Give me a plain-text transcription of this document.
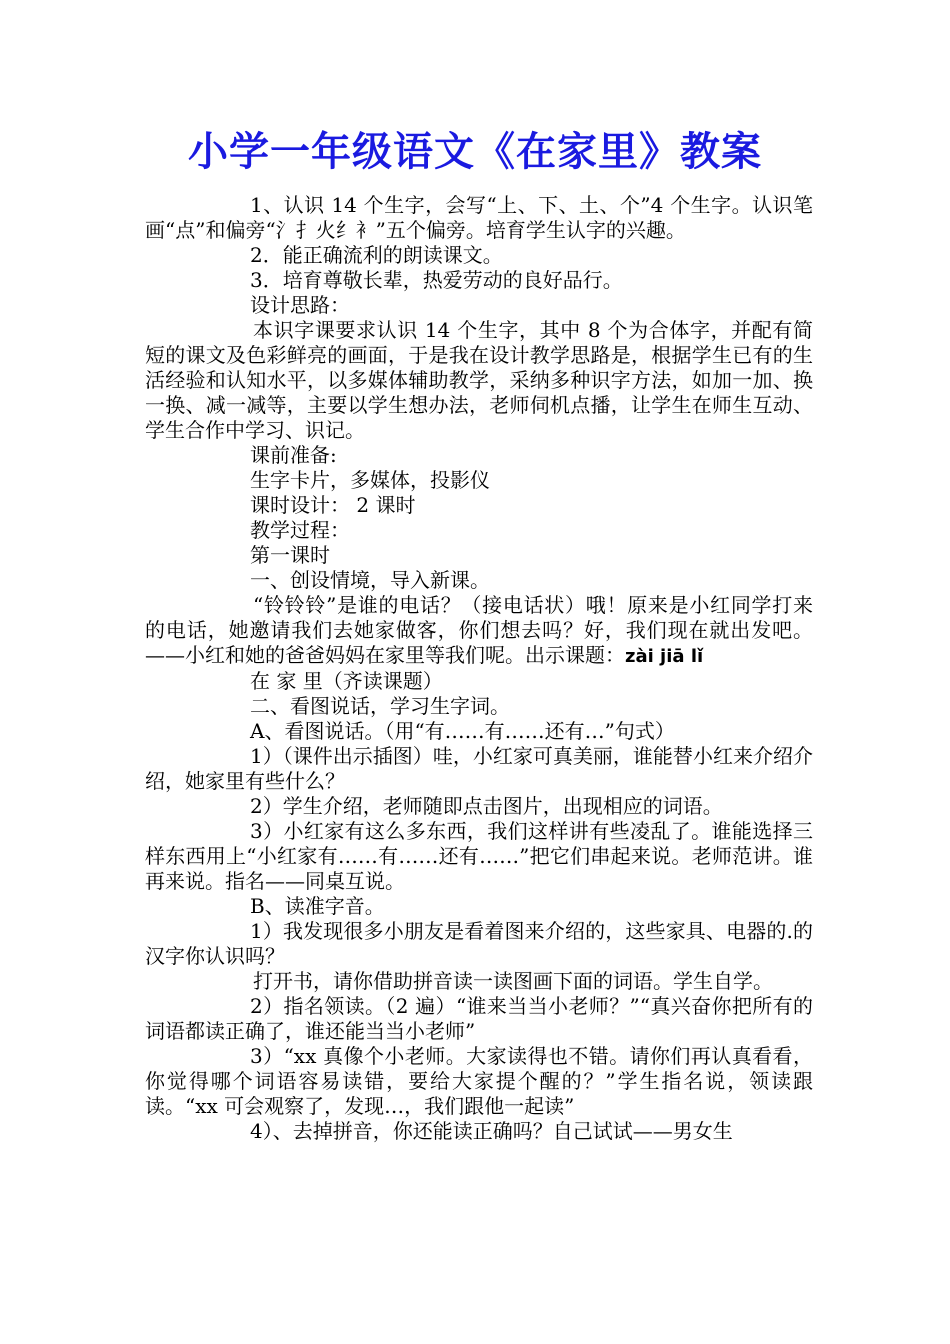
小学一年级语文《在家里》教案
1、认识 14 个生字，会写“上、下、土、个”4 个生字。认识笔画“点”和偏旁“氵扌火纟衤”五个偏旁。培育学生认字的兴趣。
2．能正确流利的朗读课文。
3．培育尊敬长辈，热爱劳动的良好品行。
设计思路：
本识字课要求认识 14 个生字，其中 8 个为合体字，并配有简短的课文及色彩鲜亮的画面，于是我在设计教学思路是，根据学生已有的生活经验和认知水平，以多媒体辅助教学，采纳多种识字方法，如加一加、换一换、减一减等，主要以学生想办法，老师伺机点播，让学生在师生互动、学生合作中学习、识记。
课前准备:
生字卡片，多媒体，投影仪
课时设计： 2 课时
教学过程：
第一课时
一、创设情境，导入新课。
“铃铃铃”是谁的电话？（接电话状）哦！原来是小红同学打来的电话，她邀请我们去她家做客，你们想去吗？好，我们现在就出发吧。——小红和她的爸爸妈妈在家里等我们呢。出示课题：zài jiā lǐ
在 家 里（齐读课题）
二、看图说话，学习生字词。
A、看图说话。（用“有……有……还有…”句式）
1）（课件出示插图）哇，小红家可真美丽，谁能替小红来介绍介绍，她家里有些什么？
2）学生介绍，老师随即点击图片，出现相应的词语。
3）小红家有这么多东西，我们这样讲有些凌乱了。谁能选择三样东西用上“小红家有……有……还有……”把它们串起来说。老师范讲。谁再来说。指名——同桌互说。
B、读准字音。
1）我发现很多小朋友是看着图来介绍的，这些家具、电器的.的汉字你认识吗？
打开书，请你借助拼音读一读图画下面的词语。学生自学。
2）指名领读。（2 遍）“谁来当当小老师？”“真兴奋你把所有的词语都读正确了，谁还能当当小老师”
3）“xx 真像个小老师。大家读得也不错。请你们再认真看看，你觉得哪个词语容易读错，要给大家提个醒的？”学生指名说，领读跟读。“xx 可会观察了，发现…，我们跟他一起读”
4）、去掉拼音，你还能读正确吗？自己试试——男女生
